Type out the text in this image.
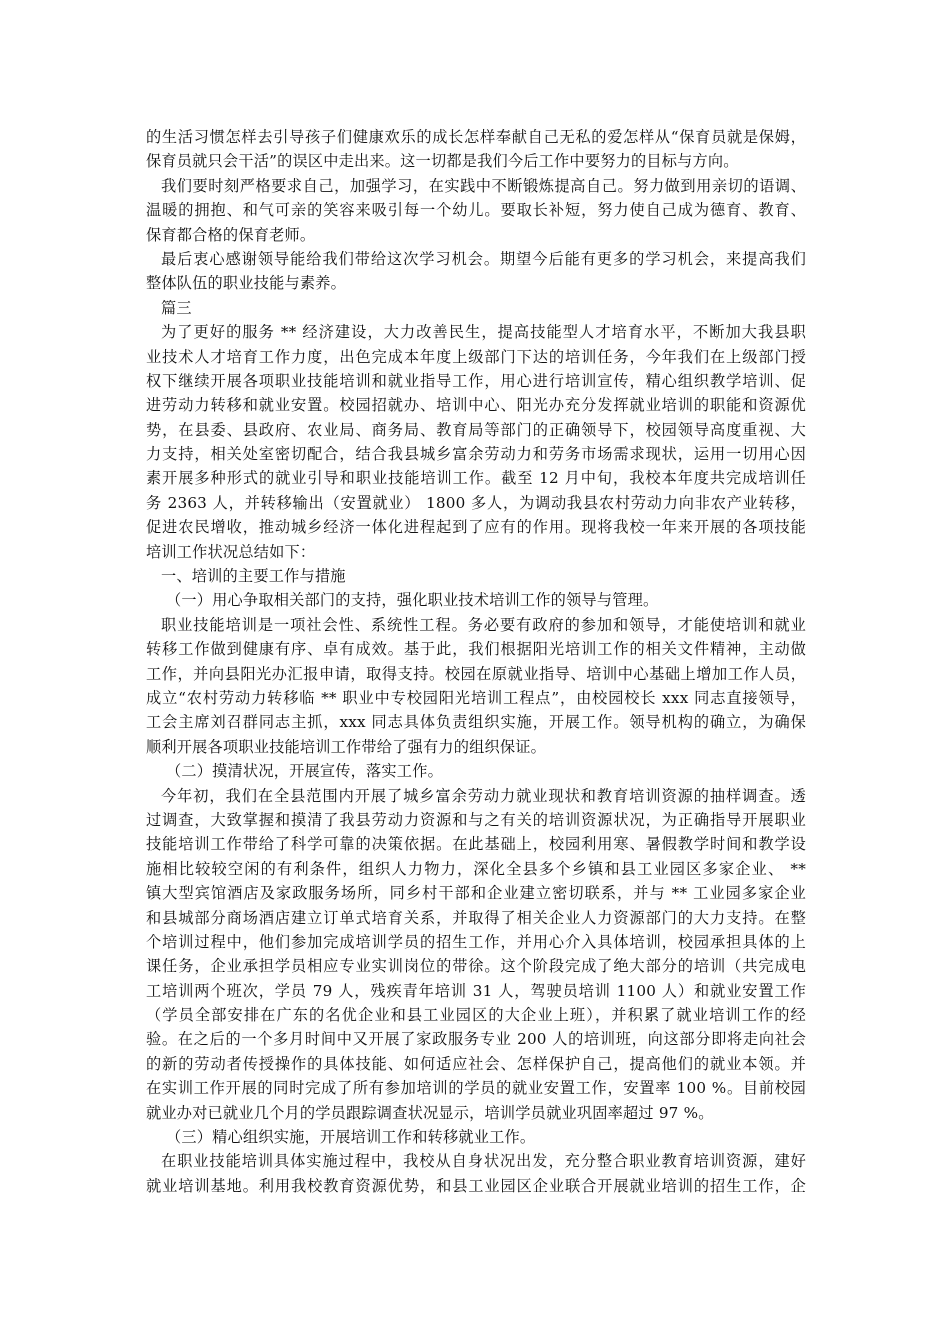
的生活习惯怎样去引导孩子们健康欢乐的成长怎样奉献自己无私的爱怎样从“保育员就是保姆，
保育员就只会干活”的误区中走出来。这一切都是我们今后工作中要努力的目标与方向。
我们要时刻严格要求自己，加强学习，在实践中不断锻炼提高自己。努力做到用亲切的语调、
温暖的拥抱、和气可亲的笑容来吸引每一个幼儿。要取长补短，努力使自己成为德育、教育、
保育都合格的保育老师。
最后衷心感谢领导能给我们带给这次学习机会。期望今后能有更多的学习机会，来提高我们
整体队伍的职业技能与素养。
篇三
为了更好的服务 ** 经济建设，大力改善民生，提高技能型人才培育水平，不断加大我县职
业技术人才培育工作力度，出色完成本年度上级部门下达的培训任务，今年我们在上级部门授
权下继续开展各项职业技能培训和就业指导工作，用心进行培训宣传，精心组织教学培训、促
进劳动力转移和就业安置。校园招就办、培训中心、阳光办充分发挥就业培训的职能和资源优
势，在县委、县政府、农业局、商务局、教育局等部门的正确领导下，校园领导高度重视、大
力支持，相关处室密切配合，结合我县城乡富余劳动力和劳务市场需求现状，运用一切用心因
素开展多种形式的就业引导和职业技能培训工作。截至 12 月中旬，我校本年度共完成培训任
务 2363 人，并转移输出（安置就业） 1800 多人，为调动我县农村劳动力向非农产业转移，
促进农民增收，推动城乡经济一体化进程起到了应有的作用。现将我校一年来开展的各项技能
培训工作状况总结如下：
一、培训的主要工作与措施
（一）用心争取相关部门的支持，强化职业技术培训工作的领导与管理。
职业技能培训是一项社会性、系统性工程。务必要有政府的参加和领导，才能使培训和就业
转移工作做到健康有序、卓有成效。基于此，我们根据阳光培训工作的相关文件精神，主动做
工作，并向县阳光办汇报申请，取得支持。校园在原就业指导、培训中心基础上增加工作人员，
成立“农村劳动力转移临 ** 职业中专校园阳光培训工程点”，由校园校长 xxx 同志直接领导，
工会主席刘召群同志主抓，xxx 同志具体负责组织实施，开展工作。领导机构的确立，为确保
顺利开展各项职业技能培训工作带给了强有力的组织保证。
（二）摸清状况，开展宣传，落实工作。
今年初，我们在全县范围内开展了城乡富余劳动力就业现状和教育培训资源的抽样调查。透
过调查，大致掌握和摸清了我县劳动力资源和与之有关的培训资源状况，为正确指导开展职业
技能培训工作带给了科学可靠的决策依据。在此基础上，校园利用寒、暑假教学时间和教学设
施相比较较空闲的有利条件，组织人力物力，深化全县多个乡镇和县工业园区多家企业、 **
镇大型宾馆酒店及家政服务场所，同乡村干部和企业建立密切联系，并与 ** 工业园多家企业
和县城部分商场酒店建立订单式培育关系，并取得了相关企业人力资源部门的大力支持。在整
个培训过程中，他们参加完成培训学员的招生工作，并用心介入具体培训，校园承担具体的上
课任务，企业承担学员相应专业实训岗位的带徐。这个阶段完成了绝大部分的培训（共完成电
工培训两个班次，学员 79 人，残疾青年培训 31 人，驾驶员培训 1100 人）和就业安置工作
（学员全部安排在广东的名优企业和县工业园区的大企业上班），并积累了就业培训工作的经
验。在之后的一个多月时间中又开展了家政服务专业 200 人的培训班，向这部分即将走向社会
的新的劳动者传授操作的具体技能、如何适应社会、怎样保护自己，提高他们的就业本领。并
在实训工作开展的同时完成了所有参加培训的学员的就业安置工作，安置率 100 %。目前校园
就业办对已就业几个月的学员跟踪调查状况显示，培训学员就业巩固率超过 97 %。
（三）精心组织实施，开展培训工作和转移就业工作。
在职业技能培训具体实施过程中，我校从自身状况出发，充分整合职业教育培训资源，建好
就业培训基地。利用我校教育资源优势，和县工业园区企业联合开展就业培训的招生工作，企
